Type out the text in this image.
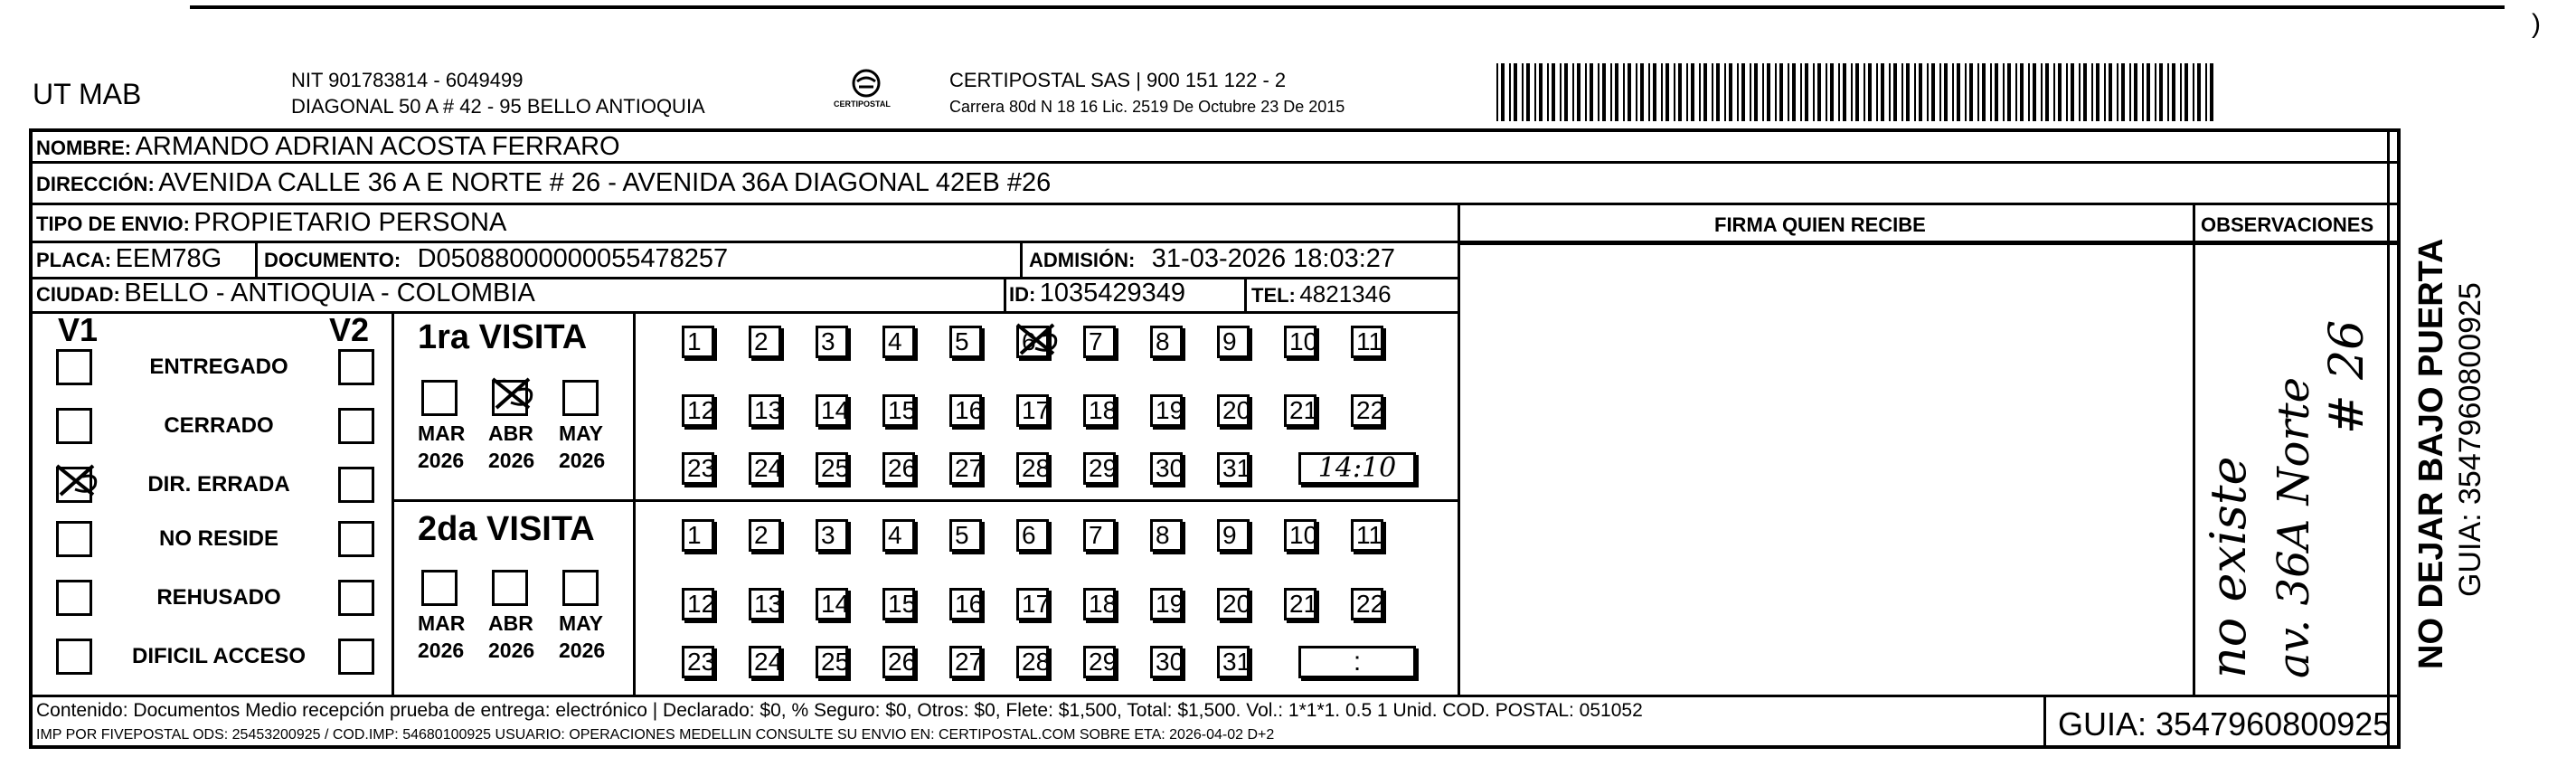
)
UT MAB	NIT 901783814 - 6049499
DIAGONAL 50 A # 42 - 95 BELLO ANTIOQUIA	CERTIPOSTAL
CERTIPOSTAL SAS | 900 151 122 - 2
Carrera 80d N 18 16 Lic. 2519 De Octubre 23 De 2015
NOMBRE: ARMANDO ADRIAN ACOSTA FERRARO
DIRECCIÓN: AVENIDA CALLE 36 A E NORTE # 26 - AVENIDA 36A DIAGONAL 42EB #26
TIPO DE ENVIO: PROPIETARIO PERSONA	FIRMA QUIEN RECIBE	OBSERVACIONES
PLACA: EEM78G DOCUMENTO: D05088000000055478257	ADMISIÓN: 31-03-2026 18:03:27
CIUDAD: BELLO - ANTIOQUIA - COLOMBIA	ID: 1035429349	TEL: 4821346
V1	V2
ENTREGADO
CERRADO
DIR. ERRADA
NO RESIDE
REHUSADO
DIFICIL ACCESO
1ra VISITA
2da VISITA
MAR
2026
ABR
2026
MAY
2026
MAR
2026
ABR
2026
MAY
2026
1	2	3	4	5	6	7	8	9	10 11
12 13 14 15 16 17 18 19 20 21 22
23 24 25 26 27 28 29 30 31	14:10
1	2	3	4	5	6	7	8	9	10 11
12 13 14 15 16 17 18 19 20 21 22
23 24 25 26 27 28 29 30 31	:	no existe av. 36A Norte
# 26 NO DEJAR BAJO PUERTA GUIA: 3547960800925
Contenido: Documentos Medio recepción prueba de entrega: electrónico | Declarado: $0, % Seguro: $0, Otros: $0, Flete: $1,500, Total: $1,500. Vol.: 1*1*1. 0.5 1 Unid. COD. POSTAL: 051052
IMP POR FIVEPOSTAL ODS: 25453200925 / COD.IMP: 54680100925 USUARIO: OPERACIONES MEDELLIN CONSULTE SU ENVIO EN: CERTIPOSTAL.COM SOBRE ETA: 2026-04-02 D+2	GUIA: 3547960800925
